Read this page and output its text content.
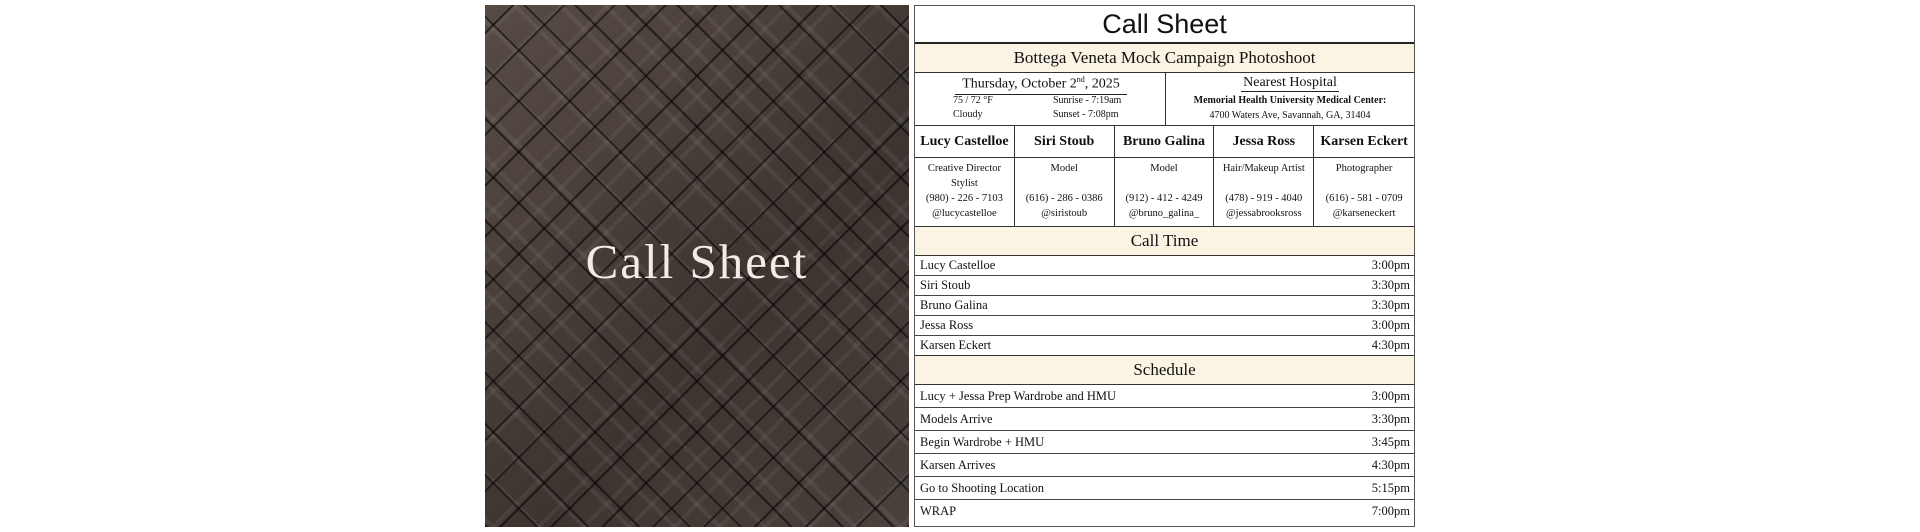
Call Sheet
Call Sheet
Bottega Veneta Mock Campaign Photoshoot
Thursday, October 2nd, 2025
75 / 72 °F
Cloudy
Sunrise - 7:19am
Sunset - 7:08pm
Nearest Hospital
Memorial Health University Medical Center:
4700 Waters Ave, Savannah, GA, 31404
Lucy Castelloe
Creative Director Stylist
(980) - 226 - 7103
@lucycastelloe
Siri Stoub
Model
(616) - 286 - 0386
@siristoub
Bruno Galina
Model
(912) - 412 - 4249
@bruno_galina_
Jessa Ross
Hair/Makeup Artist
(478) - 919 - 4040
@jessabrooksross
Karsen Eckert
Photographer
(616) - 581 - 0709
@karseneckert
Call Time
Lucy Castelloe	3:00pm
Siri Stoub	3:30pm
Bruno Galina	3:30pm
Jessa Ross	3:00pm
Karsen Eckert	4:30pm
Schedule
Lucy + Jessa Prep Wardrobe and HMU	3:00pm
Models Arrive	3:30pm
Begin Wardrobe + HMU	3:45pm
Karsen Arrives	4:30pm
Go to Shooting Location	5:15pm
WRAP	7:00pm
